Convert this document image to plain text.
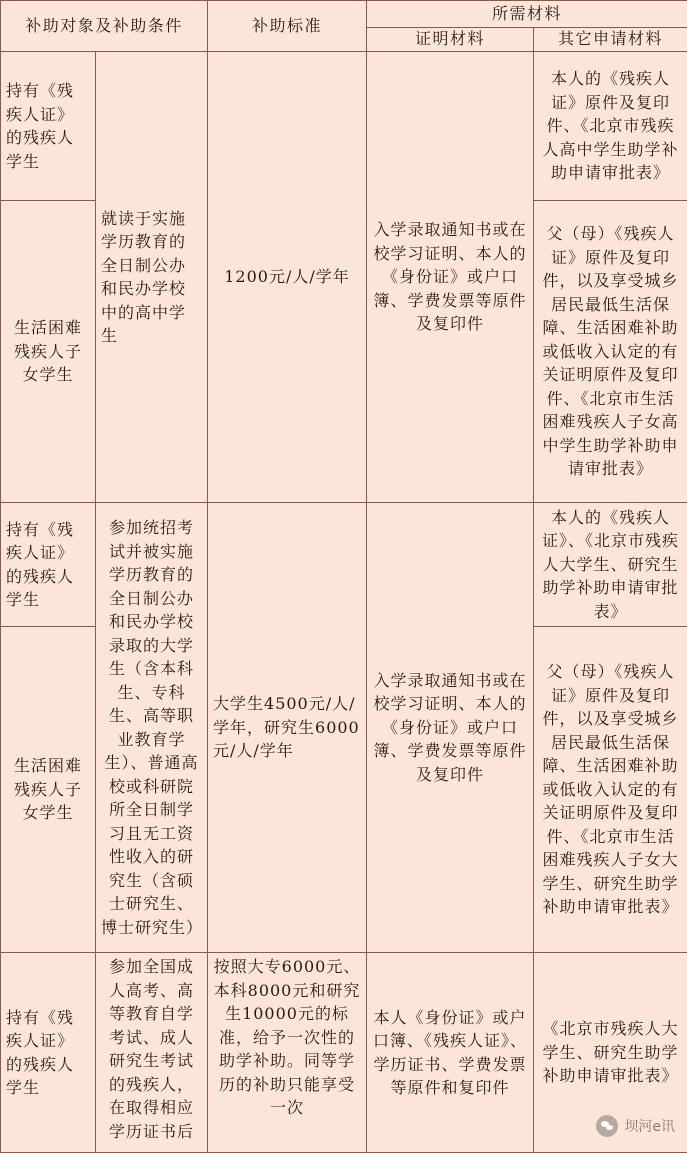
补助对象及补助条件		补助标准	所需材料	
			证明材料	其它申请材料
持有《残疾人证》的残疾人学生	就读于实施学历教育的全日制公办和民办学校中的高中学生	1200元/人/学年	入学录取通知书或在校学习证明、本人的《身份证》或户口簿、学费发票等原件及复印件	本人的《残疾人证》原件及复印件、《北京市残疾人高中学生助学补助申请审批表》
生活困难残疾人子女学生				父（母）《残疾人证》原件及复印件，以及享受城乡居民最低生活保障、生活困难补助或低收入认定的有关证明原件及复印件、《北京市生活困难残疾人子女高中学生助学补助申请审批表》
持有《残疾人证》的残疾人学生	参加统招考试并被实施学历教育的全日制公办和民办学校录取的大学生（含本科生、专科生、高等职业教育学生）、普通高校或科研院所全日制学习且无工资性收入的研究生（含硕士研究生、博士研究生）	大学生4500元/人/学年，研究生6000元/人/学年	入学录取通知书或在校学习证明、本人的《身份证》或户口簿、学费发票等原件及复印件	本人的《残疾人证》、《北京市残疾人大学生、研究生助学补助申请审批表》
生活困难残疾人子女学生				父（母）《残疾人证》原件及复印件，以及享受城乡居民最低生活保障、生活困难补助或低收入认定的有关证明原件及复印件、《北京市生活困难残疾人子女大学生、研究生助学补助申请审批表》
持有《残疾人证》的残疾人学生	参加全国成人高考、高等教育自学考试、成人研究生考试的残疾人，在取得相应学历证书后	按照大专6000元、本科8000元和研究生10000元的标准，给予一次性的助学补助。同等学历的补助只能享受一次	本人《身份证》或户口簿、《残疾人证》、学历证书、学费发票等原件和复印件	《北京市残疾人大学生、研究生助学补助申请审批表》
坝河e讯
